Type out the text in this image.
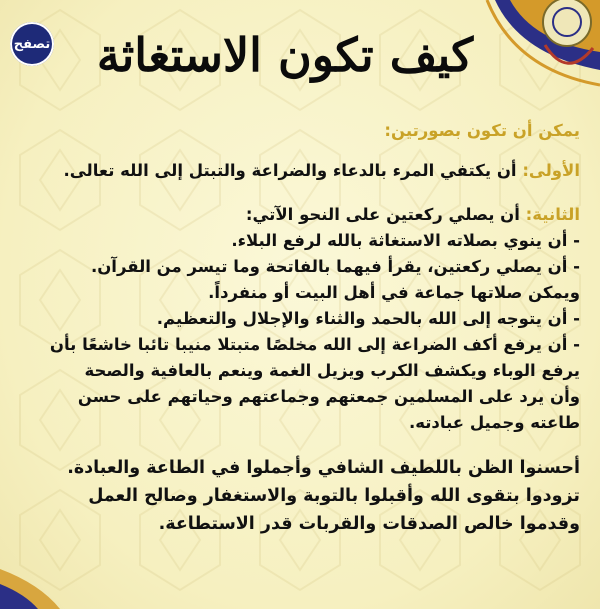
تصفح كيف تكون الاستغاثة

يمكن أن تكون بصورتين:

الأولى: أن يكتفي المرء بالدعاء والضراعة والتبتل إلى الله تعالى.

الثانية: أن يصلي ركعتين على النحو الآتي:

- أن ينوي بصلاته الاستغاثة بالله لرفع البلاء.

- أن يصلي ركعتين، يقرأ فيهما بالفاتحة وما تيسر من القرآن.

ويمكن صلاتها جماعة في أهل البيت أو منفرداً.

- أن يتوجه إلى الله بالحمد والثناء والإجلال والتعظيم.

- أن يرفع أكف الضراعة إلى الله مخلصًا متبتلا منيبا تائبا خاشعًا بأن

يرفع الوباء ويكشف الكرب ويزيل الغمة وينعم بالعافية والصحة

وأن يرد على المسلمين جمعتهم وجماعتهم وحياتهم على حسن

طاعته وجميل عبادته.

أحسنوا الظن باللطيف الشافي وأجملوا في الطاعة والعبادة.

تزودوا بتقوى الله وأقبلوا بالتوبة والاستغفار وصالح العمل

وقدموا خالص الصدقات والقربات قدر الاستطاعة.
